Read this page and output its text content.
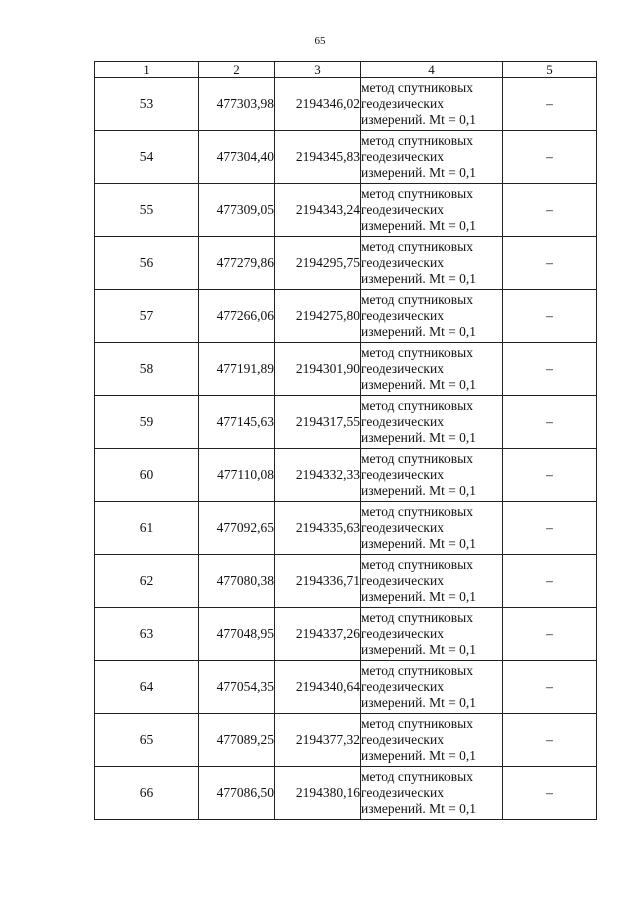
65
1	2	3	4	5
53	477303,98	2194346,02	метод спутниковых
геодезических
измерений. Mt = 0,1	–
54	477304,40	2194345,83	метод спутниковых
геодезических
измерений. Mt = 0,1	–
55	477309,05	2194343,24	метод спутниковых
геодезических
измерений. Mt = 0,1	–
56	477279,86	2194295,75	метод спутниковых
геодезических
измерений. Mt = 0,1	–
57	477266,06	2194275,80	метод спутниковых
геодезических
измерений. Mt = 0,1	–
58	477191,89	2194301,90	метод спутниковых
геодезических
измерений. Mt = 0,1	–
59	477145,63	2194317,55	метод спутниковых
геодезических
измерений. Mt = 0,1	–
60	477110,08	2194332,33	метод спутниковых
геодезических
измерений. Mt = 0,1	–
61	477092,65	2194335,63	метод спутниковых
геодезических
измерений. Mt = 0,1	–
62	477080,38	2194336,71	метод спутниковых
геодезических
измерений. Mt = 0,1	–
63	477048,95	2194337,26	метод спутниковых
геодезических
измерений. Mt = 0,1	–
64	477054,35	2194340,64	метод спутниковых
геодезических
измерений. Mt = 0,1	–
65	477089,25	2194377,32	метод спутниковых
геодезических
измерений. Mt = 0,1	–
66	477086,50	2194380,16	метод спутниковых
геодезических
измерений. Mt = 0,1	–
